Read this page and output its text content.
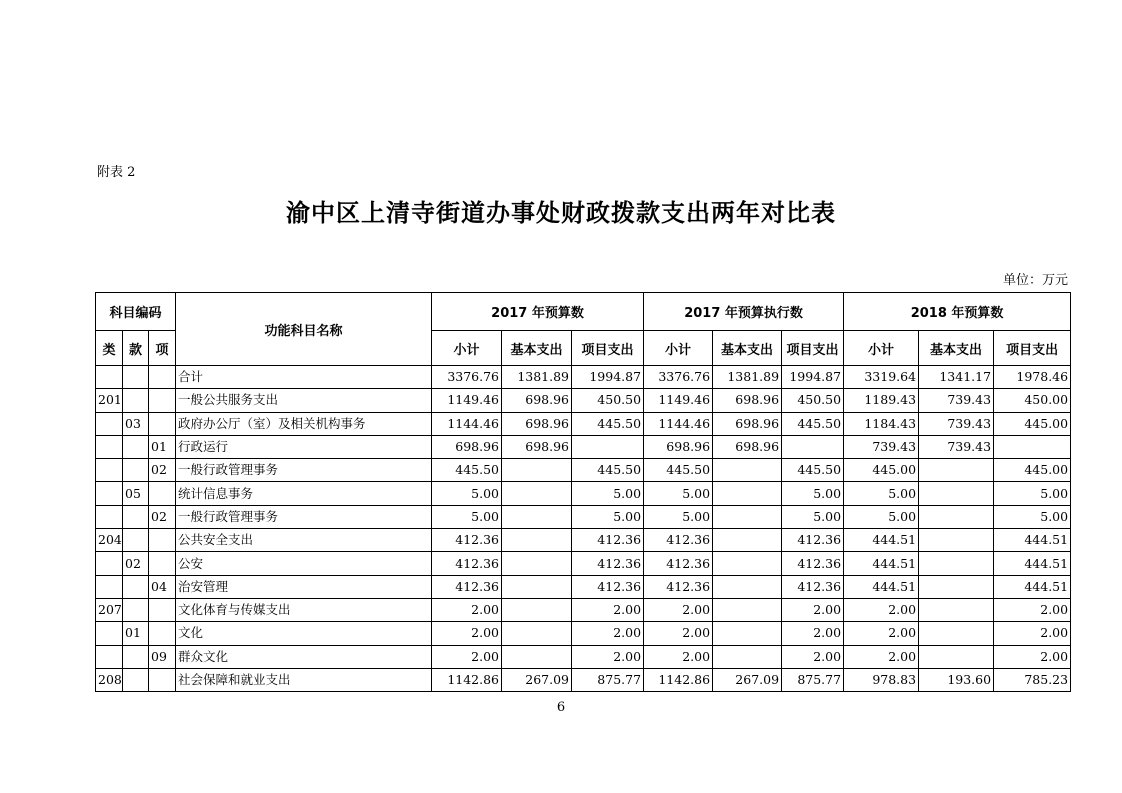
附表 2
渝中区上清寺街道办事处财政拨款支出两年对比表
单位：万元
科目编码			功能科目名称	2017 年预算数			2017 年预算执行数			2018 年预算数		
类	款	项		小计	基本支出	项目支出	小计	基本支出	项目支出	小计	基本支出	项目支出
			合计	3376.76	1381.89	1994.87	3376.76	1381.89	1994.87	3319.64	1341.17	1978.46
201			一般公共服务支出	1149.46	698.96	450.50	1149.46	698.96	450.50	1189.43	739.43	450.00
	03		政府办公厅（室）及相关机构事务	1144.46	698.96	445.50	1144.46	698.96	445.50	1184.43	739.43	445.00
		01	行政运行	698.96	698.96		698.96	698.96		739.43	739.43	
		02	一般行政管理事务	445.50		445.50	445.50		445.50	445.00		445.00
	05		统计信息事务	5.00		5.00	5.00		5.00	5.00		5.00
		02	一般行政管理事务	5.00		5.00	5.00		5.00	5.00		5.00
204			公共安全支出	412.36		412.36	412.36		412.36	444.51		444.51
	02		公安	412.36		412.36	412.36		412.36	444.51		444.51
		04	治安管理	412.36		412.36	412.36		412.36	444.51		444.51
207			文化体育与传媒支出	2.00		2.00	2.00		2.00	2.00		2.00
	01		文化	2.00		2.00	2.00		2.00	2.00		2.00
		09	群众文化	2.00		2.00	2.00		2.00	2.00		2.00
208			社会保障和就业支出	1142.86	267.09	875.77	1142.86	267.09	875.77	978.83	193.60	785.23
6
